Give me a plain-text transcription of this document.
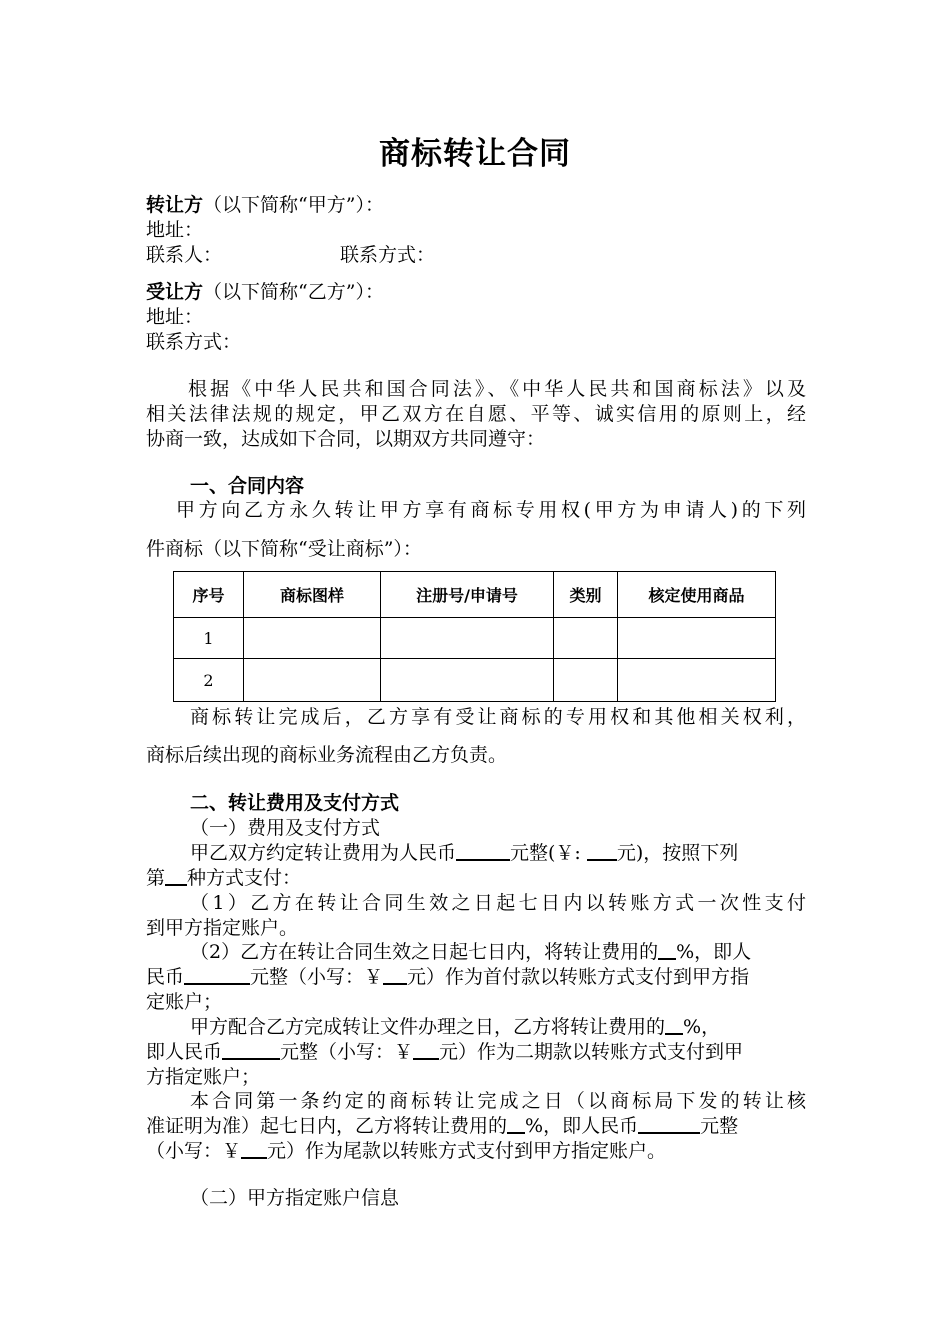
商标转让合同
转让方（以下简称“甲方”）：
地址：
联系人：	联系方式：
受让方（以下简称“乙方”）：
地址：
联系方式：
根据《中华人民共和国合同法》、《中华人民共和国商标法》以及
相关法律法规的规定，甲乙双方在自愿、平等、诚实信用的原则上，经
协商一致，达成如下合同，以期双方共同遵守：
一、合同内容
甲方向乙方永久转让甲方享有商标专用权(甲方为申请人)的下列
件商标（以下简称“受让商标”）：
序号	商标图样	注册号/申请号	类别	核定使用商品
1				
2				
商标转让完成后，乙方享有受让商标的专用权和其他相关权利，
商标后续出现的商标业务流程由乙方负责。
二、转让费用及支付方式
（一）费用及支付方式
甲乙双方约定转让费用为人民币	元整(￥: 元)，按照下列
第 种方式支付：
（1）乙方在转让合同生效之日起七日内以转账方式一次性支付
到甲方指定账户。
（2）乙方在转让合同生效之日起七日内，将转让费用的 %，即人
民币	元整（小写：￥ 元）作为首付款以转账方式支付到甲方指
定账户；
甲方配合乙方完成转让文件办理之日，乙方将转让费用的 %，
即人民币	元整（小写：￥ 元）作为二期款以转账方式支付到甲
方指定账户；
本合同第一条约定的商标转让完成之日（以商标局下发的转让核
准证明为准）起七日内，乙方将转让费用的 %，即人民币	元整
（小写：￥ 元）作为尾款以转账方式支付到甲方指定账户。
（二）甲方指定账户信息
